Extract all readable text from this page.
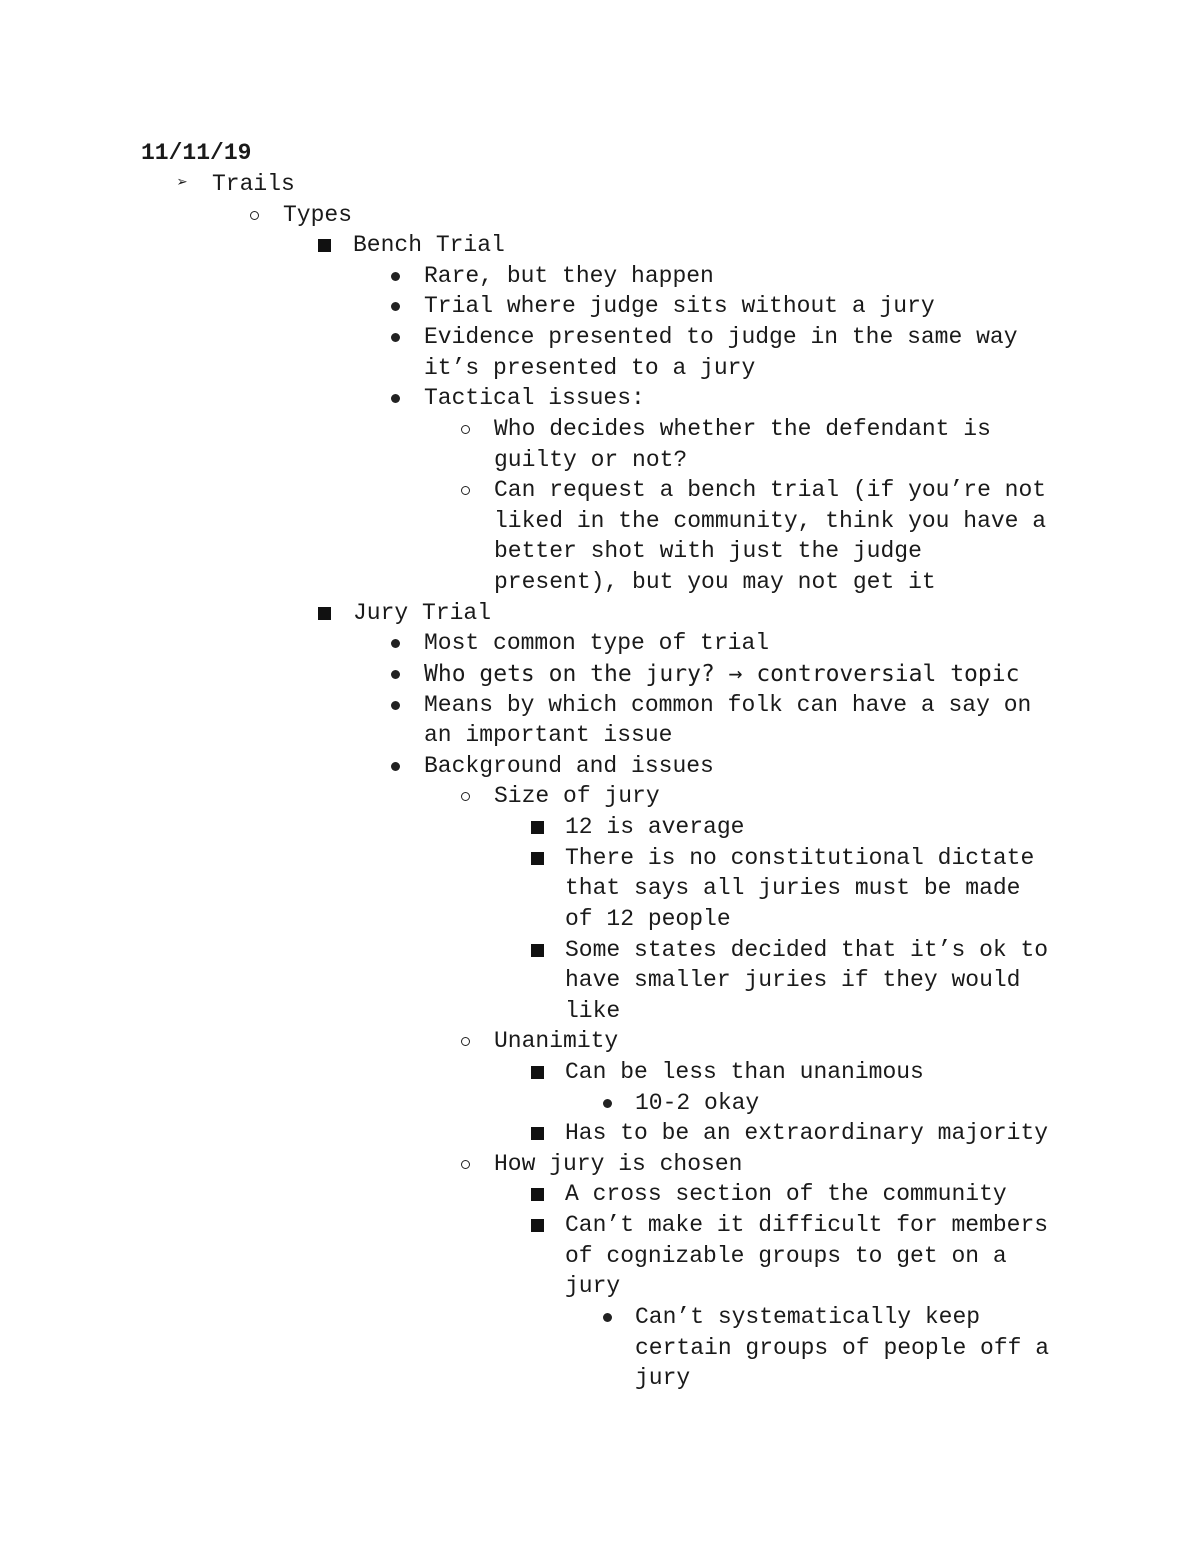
11/11/19
➢ Trails
Types
Bench Trial
Rare, but they happen
Trial where judge sits without a jury
Evidence presented to judge in the same way
it’s presented to a jury
Tactical issues:
Who decides whether the defendant is
guilty or not?
Can request a bench trial (if you’re not
liked in the community, think you have a
better shot with just the judge
present), but you may not get it
Jury Trial
Most common type of trial
Who gets on the jury? → controversial topic
Means by which common folk can have a say on
an important issue
Background and issues
Size of jury
12 is average
There is no constitutional dictate
that says all juries must be made
of 12 people
Some states decided that it’s ok to
have smaller juries if they would
like
Unanimity
Can be less than unanimous
10-2 okay
Has to be an extraordinary majority
How jury is chosen
A cross section of the community
Can’t make it difficult for members
of cognizable groups to get on a
jury
Can’t systematically keep
certain groups of people off a
jury
